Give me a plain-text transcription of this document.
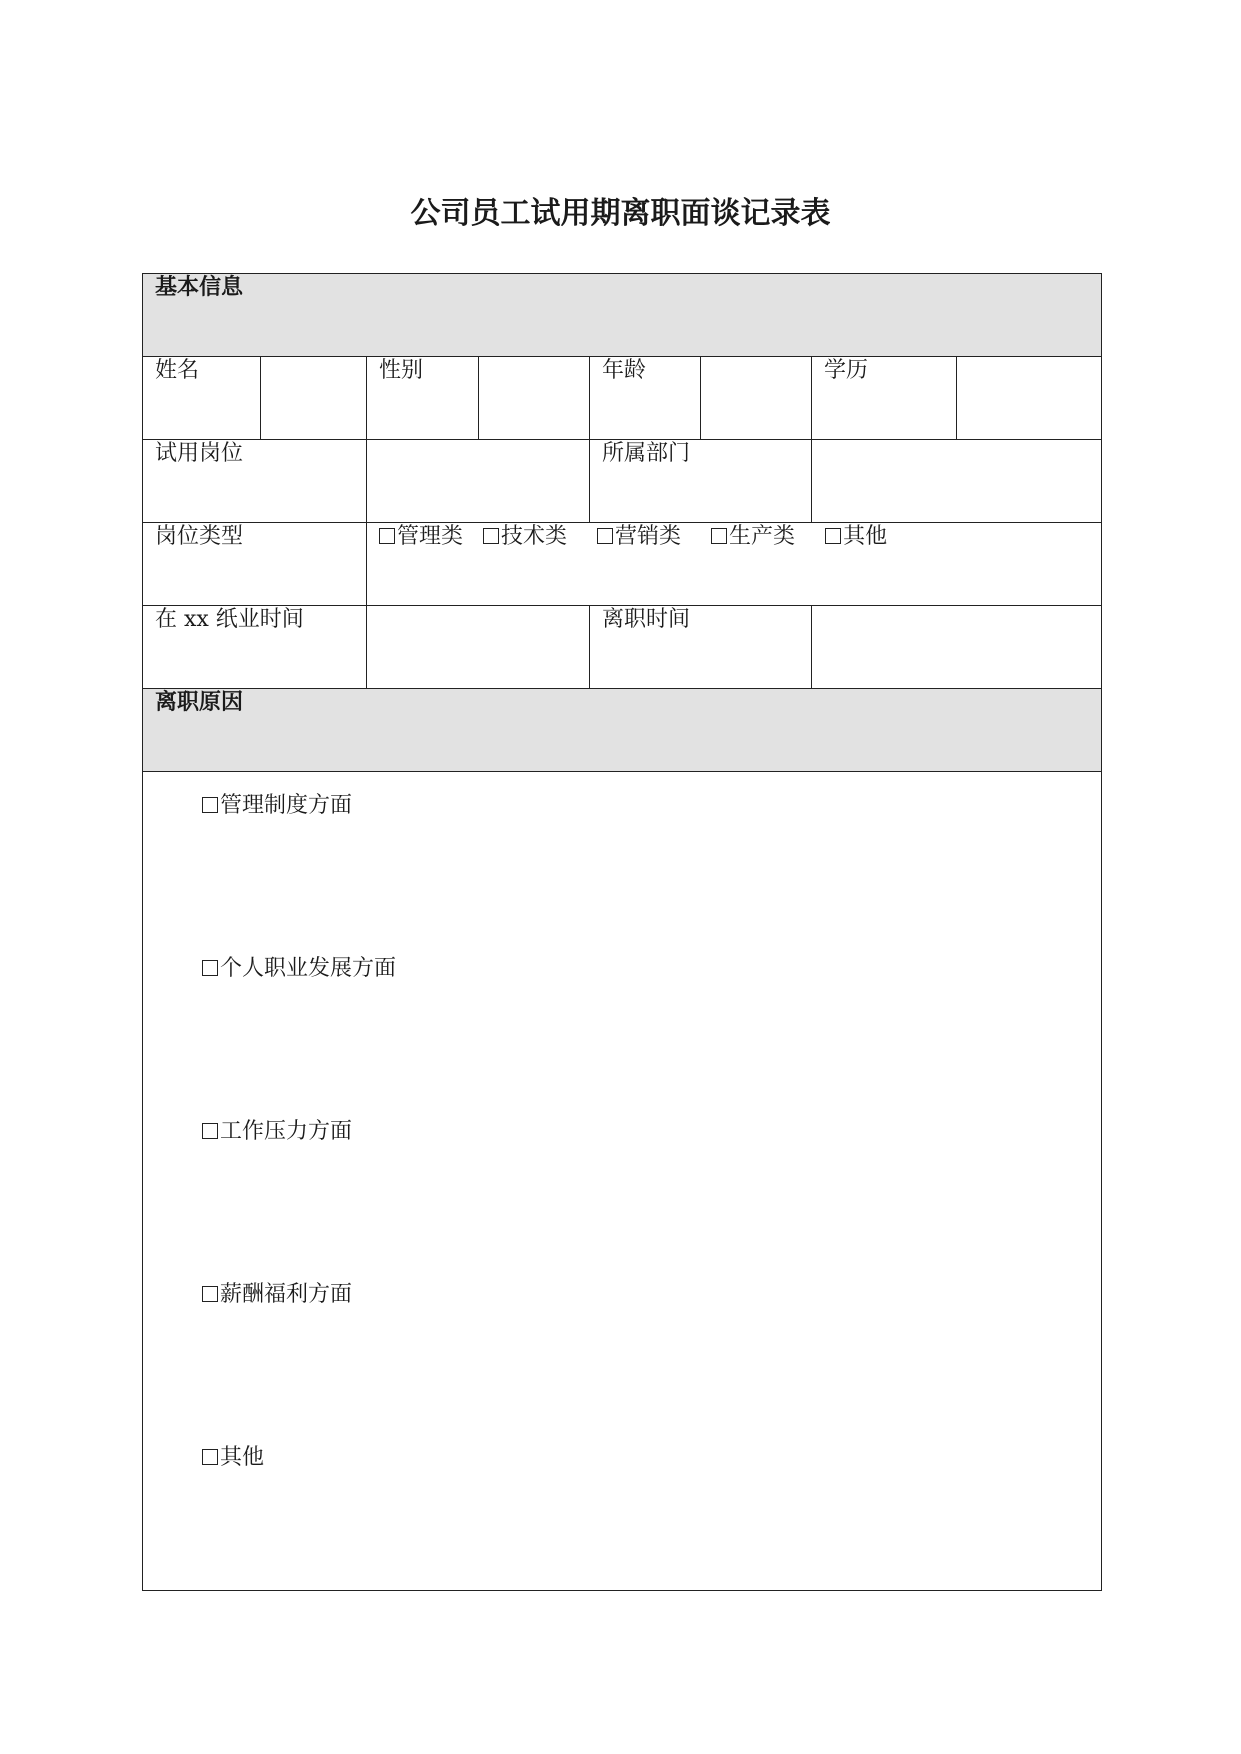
公司员工试用期离职面谈记录表
基本信息							
姓名		性别		年龄		学历	
试用岗位				所属部门			
岗位类型		管理类 技术类 营销类 生产类 其他					
在 xx 纸业时间				离职时间			
离职原因							

管理制度方面
个人职业发展方面
工作压力方面
薪酬福利方面
其他							
